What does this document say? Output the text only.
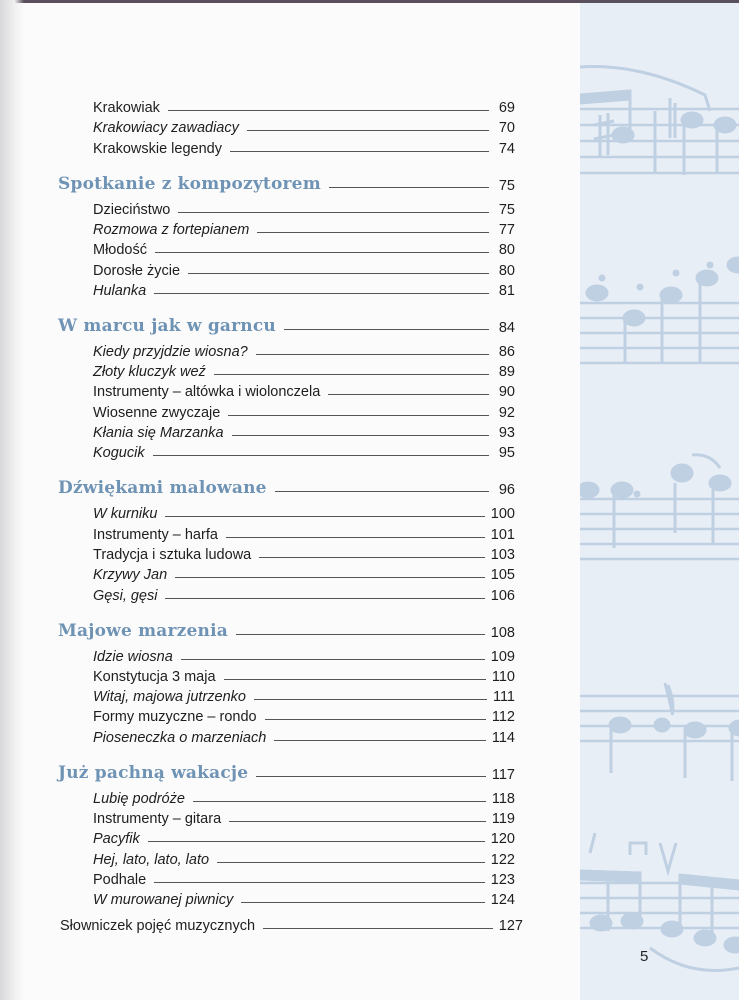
Krakowiak	69
Krakowiacy zawadiacy	70
Krakowskie legendy	74
Spotkanie z kompozytorem	75
Dzieciństwo	75
Rozmowa z fortepianem	77
Młodość	80
Dorosłe życie	80
Hulanka	81
W marcu jak w garncu	84
Kiedy przyjdzie wiosna?	86
Złoty kluczyk weź	89
Instrumenty – altówka i wiolonczela	90
Wiosenne zwyczaje	92
Kłania się Marzanka	93
Kogucik	95
Dźwiękami malowane	96
W kurniku	100
Instrumenty – harfa	101
Tradycja i sztuka ludowa	103
Krzywy Jan	105
Gęsi, gęsi	106
Majowe marzenia	108
Idzie wiosna	109
Konstytucja 3 maja	110
Witaj, majowa jutrzenko	111
Formy muzyczne – rondo	112
Pioseneczka o marzeniach	114
Już pachną wakacje	117
Lubię podróże	118
Instrumenty – gitara	119
Pacyfik	120
Hej, lato, lato, lato	122
Podhale	123
W murowanej piwnicy	124
Słowniczek pojęć muzycznych	127
5
